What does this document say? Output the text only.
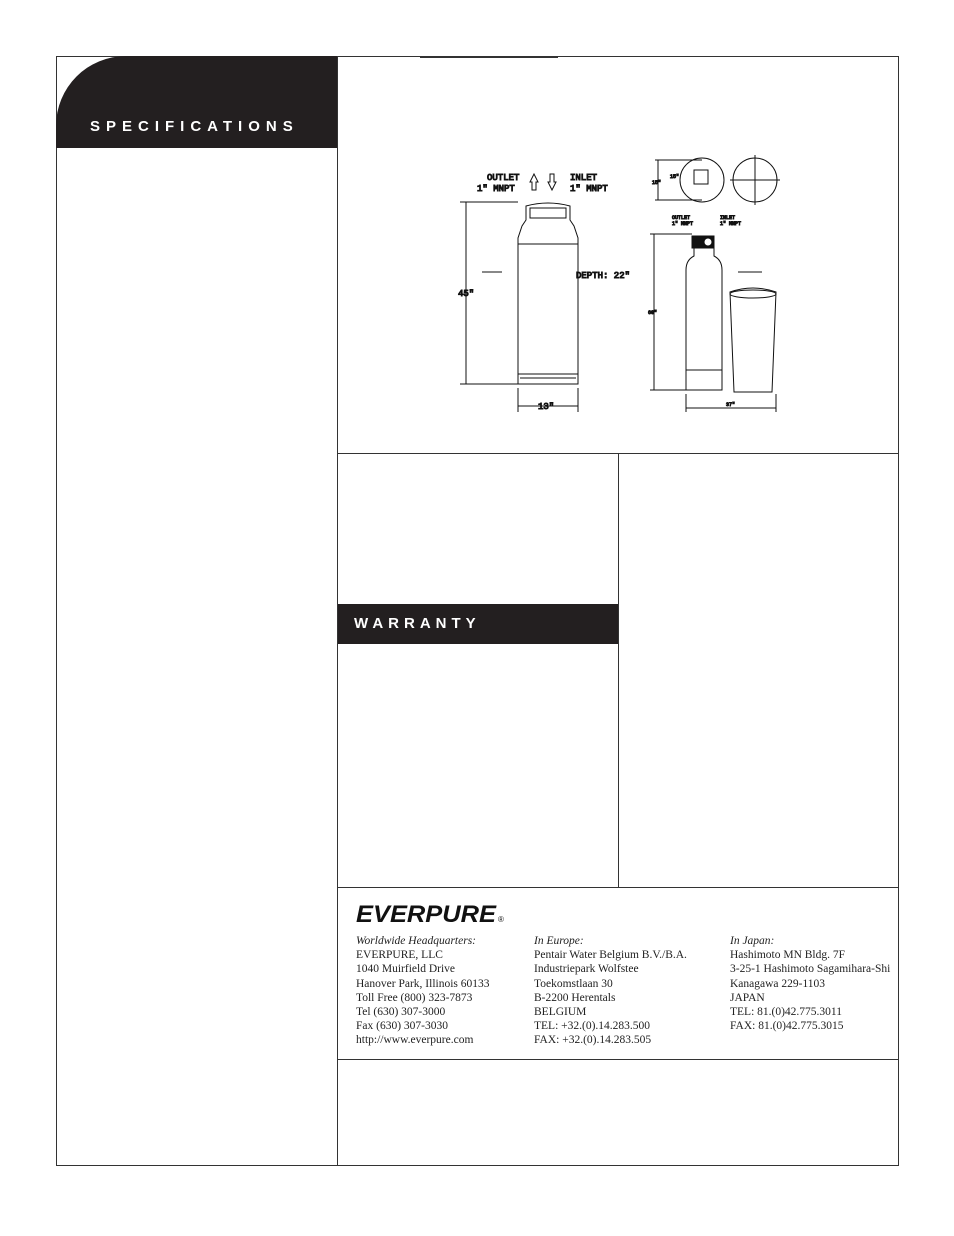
SPECIFICATIONS
OUTLET
1" MNPT
INLET
1" MNPT
45"
13"
DEPTH: 22"
15"
15"
OUTLET
1" MNPT
INLET
1" MNPT
60"
37"
WARRANTY
EVERPURE ®
Worldwide Headquarters:
EVERPURE, LLC
1040 Muirfield Drive
Hanover Park, Illinois 60133
Toll Free (800) 323-7873
Tel (630) 307-3000
Fax (630) 307-3030
http://www.everpure.com
In Europe:
Pentair Water Belgium B.V./B.A.
Industriepark Wolfstee
Toekomstlaan 30
B-2200 Herentals
BELGIUM
TEL: +32.(0).14.283.500
FAX: +32.(0).14.283.505
In Japan:
Hashimoto MN Bldg. 7F
3-25-1 Hashimoto Sagamihara-Shi
Kanagawa 229-1103
JAPAN
TEL: 81.(0)42.775.3011
FAX: 81.(0)42.775.3015
